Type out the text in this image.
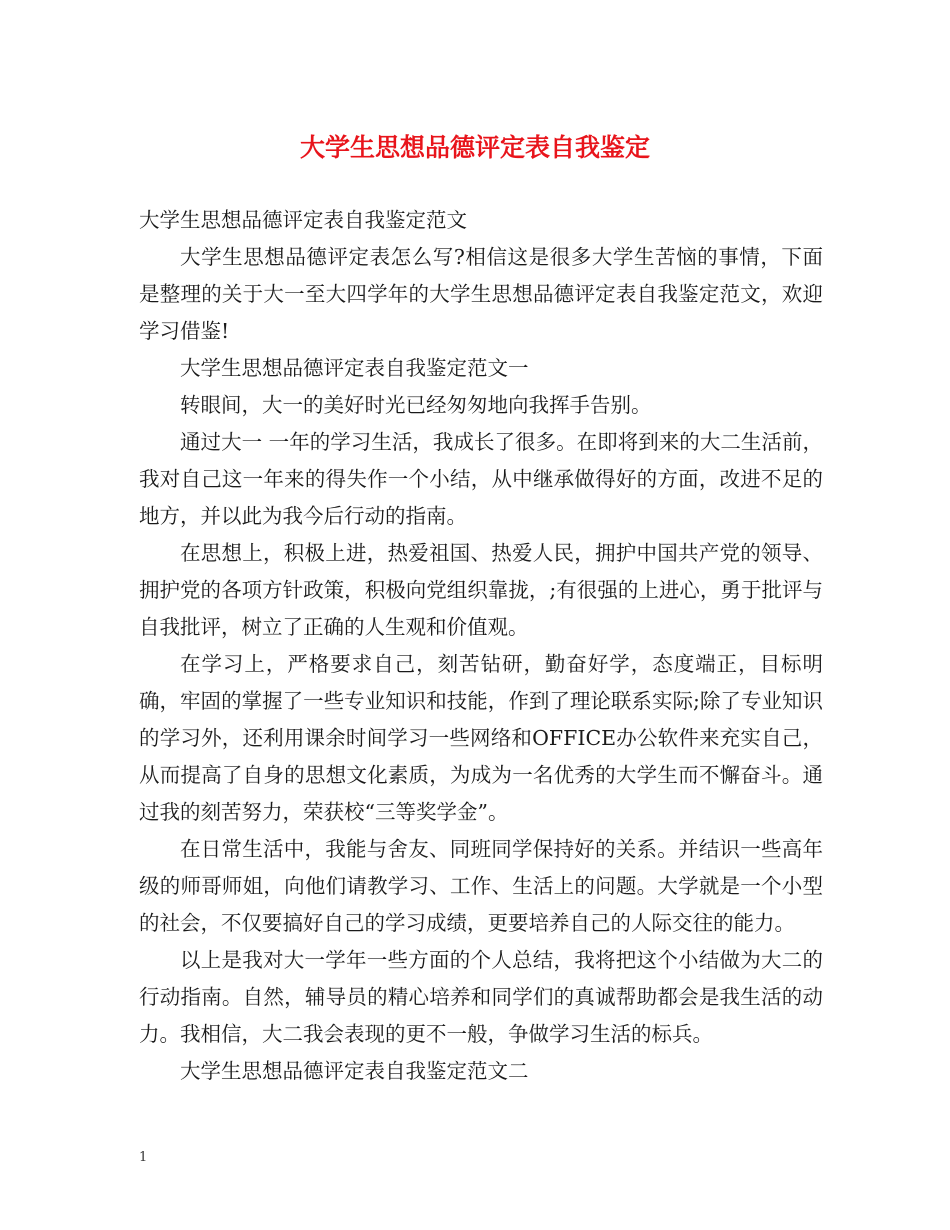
大学生思想品德评定表自我鉴定

大学生思想品德评定表自我鉴定范文

大学生思想品德评定表怎么写?相信这是很多大学生苦恼的事情，下面是整理的关于大一至大四学年的大学生思想品德评定表自我鉴定范文，欢迎学习借鉴!

大学生思想品德评定表自我鉴定范文一

转眼间，大一的美好时光已经匆匆地向我挥手告别。

通过大一 一年的学习生活，我成长了很多。在即将到来的大二生活前，我对自己这一年来的得失作一个小结，从中继承做得好的方面，改进不足的地方，并以此为我今后行动的指南。

在思想上，积极上进，热爱祖国、热爱人民，拥护中国共产党的领导、拥护党的各项方针政策，积极向党组织靠拢，;有很强的上进心，勇于批评与自我批评，树立了正确的人生观和价值观。

在学习上，严格要求自己，刻苦钻研，勤奋好学，态度端正，目标明确，牢固的掌握了一些专业知识和技能，作到了理论联系实际;除了专业知识的学习外，还利用课余时间学习一些网络和OFFICE办公软件来充实自己，从而提高了自身的思想文化素质，为成为一名优秀的大学生而不懈奋斗。通过我的刻苦努力，荣获校“三等奖学金”。

在日常生活中，我能与舍友、同班同学保持好的关系。并结识一些高年级的师哥师姐，向他们请教学习、工作、生活上的问题。大学就是一个小型的社会，不仅要搞好自己的学习成绩，更要培养自己的人际交往的能力。

以上是我对大一学年一些方面的个人总结，我将把这个小结做为大二的行动指南。自然，辅导员的精心培养和同学们的真诚帮助都会是我生活的动力。我相信，大二我会表现的更不一般，争做学习生活的标兵。

大学生思想品德评定表自我鉴定范文二

1
